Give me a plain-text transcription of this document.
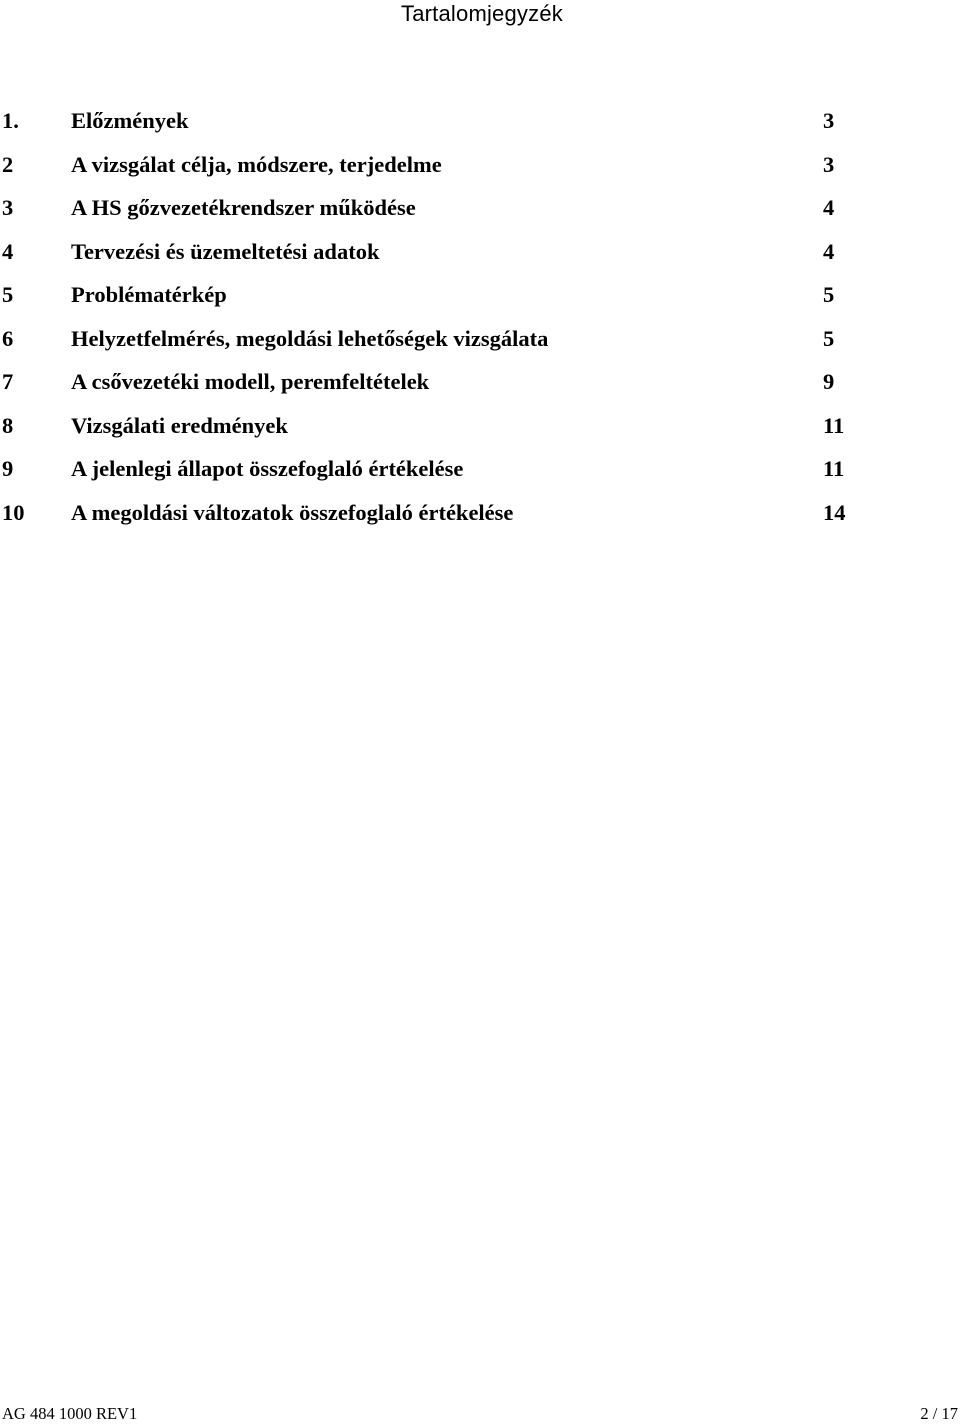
Tartalomjegyzék
1. Előzmények	3
2	A vizsgálat célja, módszere, terjedelme	3
3	A HS gőzvezetékrendszer működése	4
4	Tervezési és üzemeltetési adatok	4
5	Problématérkép	5
6	Helyzetfelmérés, megoldási lehetőségek vizsgálata	5
7	A csővezetéki modell, peremfeltételek	9
8	Vizsgálati eredmények	11
9	A jelenlegi állapot összefoglaló értékelése	11
10 A megoldási változatok összefoglaló értékelése	14
AG 484 1000 REV1	2 / 17
